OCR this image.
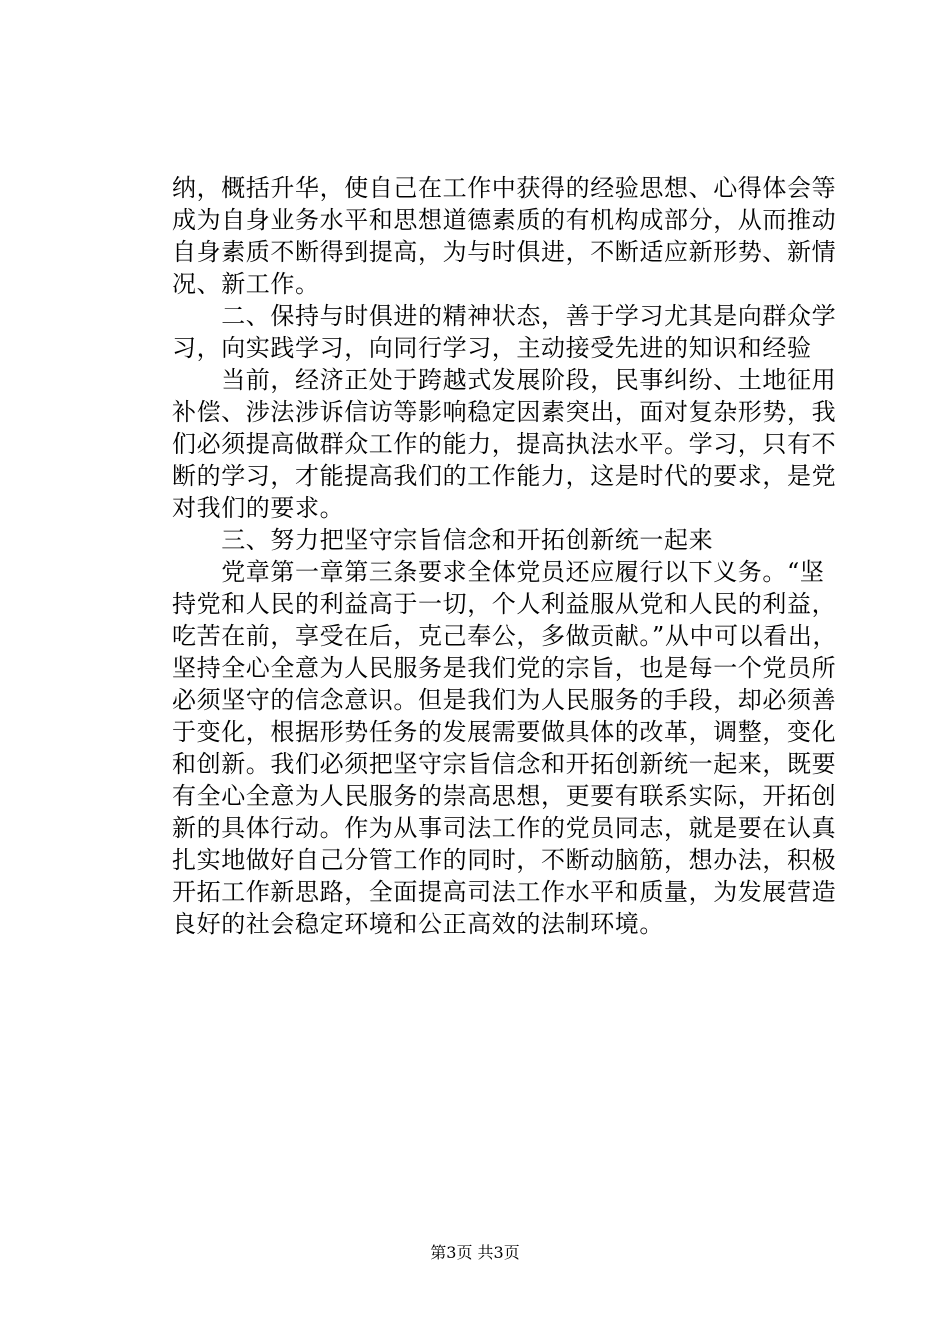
纳，概括升华，使自己在工作中获得的经验思想、心得体会等
成为自身业务水平和思想道德素质的有机构成部分，从而推动
自身素质不断得到提高，为与时俱进，不断适应新形势、新情
况、新工作。
　　二、保持与时俱进的精神状态，善于学习尤其是向群众学
习，向实践学习，向同行学习，主动接受先进的知识和经验
　　当前，经济正处于跨越式发展阶段，民事纠纷、土地征用
补偿、涉法涉诉信访等影响稳定因素突出，面对复杂形势，我
们必须提高做群众工作的能力，提高执法水平。学习，只有不
断的学习，才能提高我们的工作能力，这是时代的要求，是党
对我们的要求。
　　三、努力把坚守宗旨信念和开拓创新统一起来
　　党章第一章第三条要求全体党员还应履行以下义务。“坚
持党和人民的利益高于一切，个人利益服从党和人民的利益，
吃苦在前，享受在后，克己奉公，多做贡献。”从中可以看出，
坚持全心全意为人民服务是我们党的宗旨，也是每一个党员所
必须坚守的信念意识。但是我们为人民服务的手段，却必须善
于变化，根据形势任务的发展需要做具体的改革，调整，变化
和创新。我们必须把坚守宗旨信念和开拓创新统一起来，既要
有全心全意为人民服务的崇高思想，更要有联系实际，开拓创
新的具体行动。作为从事司法工作的党员同志，就是要在认真
扎实地做好自己分管工作的同时，不断动脑筋，想办法，积极
开拓工作新思路，全面提高司法工作水平和质量，为发展营造
良好的社会稳定环境和公正高效的法制环境。
第3页 共3页
